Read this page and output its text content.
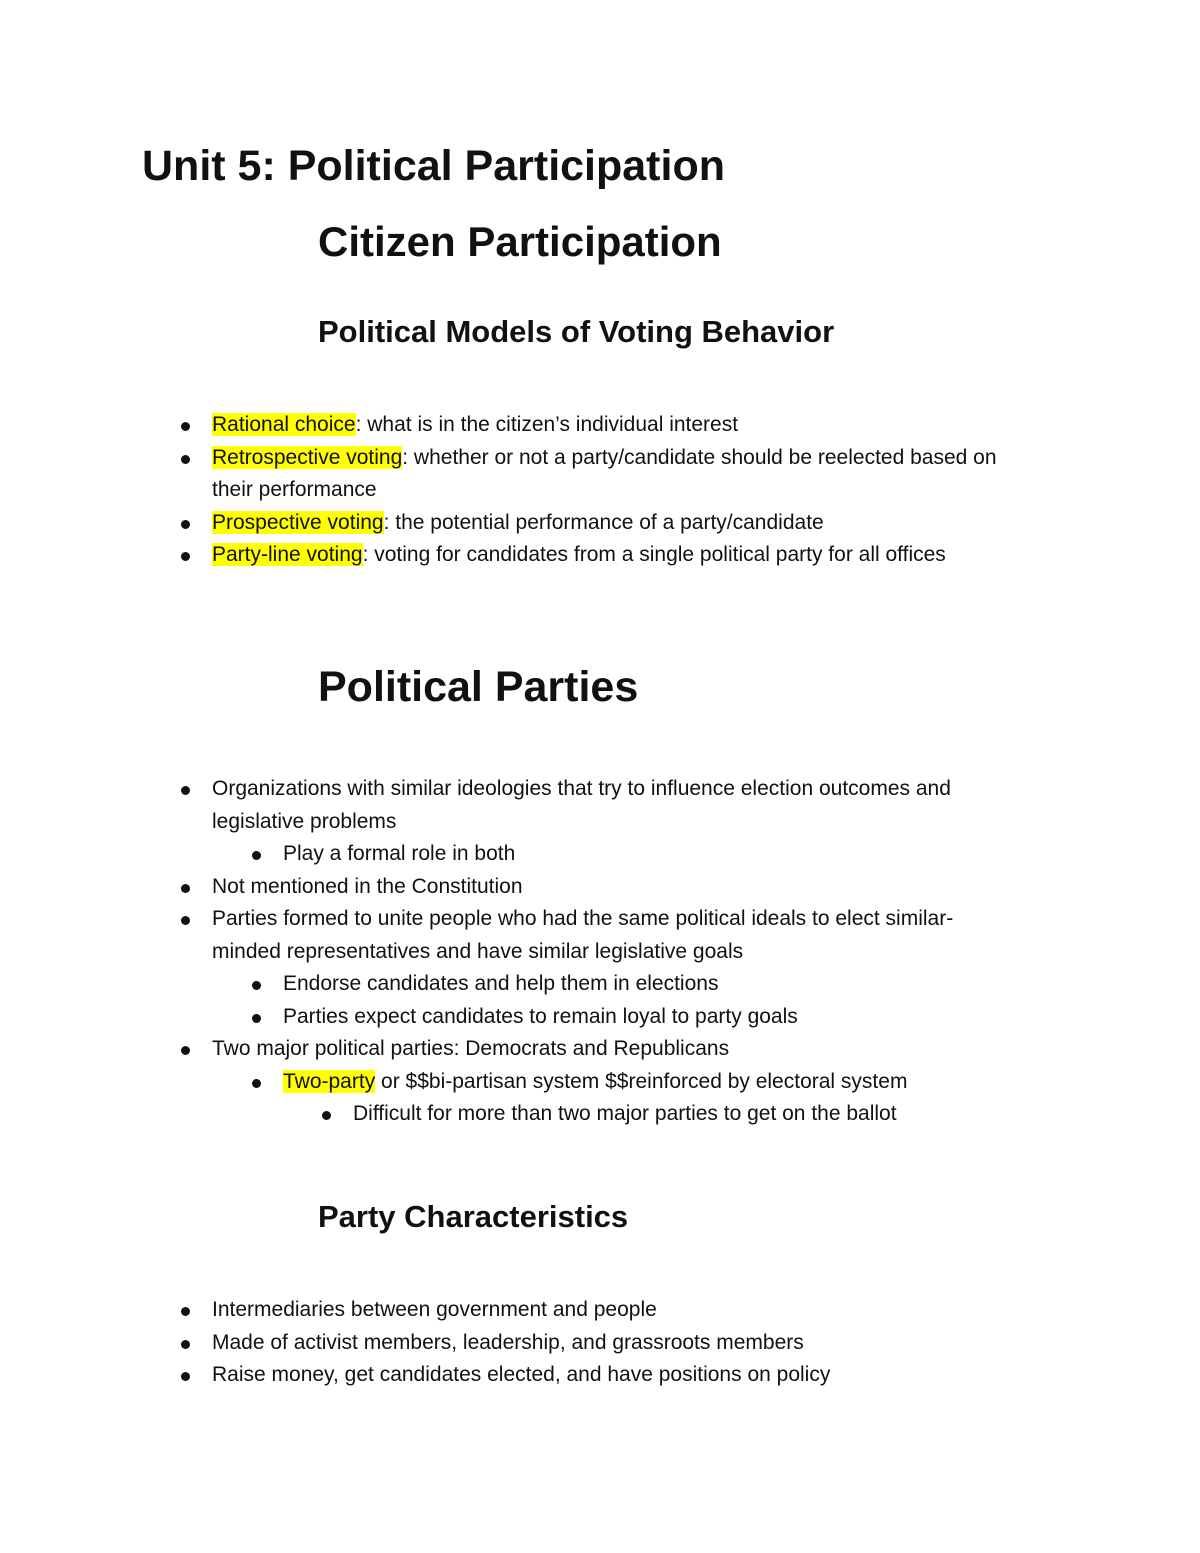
Unit 5: Political Participation
Citizen Participation
Political Models of Voting Behavior
Rational choice: what is in the citizen’s individual interest
Retrospective voting: whether or not a party/candidate should be reelected based on their performance
Prospective voting: the potential performance of a party/candidate
Party-line voting: voting for candidates from a single political party for all offices
Political Parties
Organizations with similar ideologies that try to influence election outcomes and legislative problems
Play a formal role in both
Not mentioned in the Constitution
Parties formed to unite people who had the same political ideals to elect similar-minded representatives and have similar legislative goals
Endorse candidates and help them in elections
Parties expect candidates to remain loyal to party goals
Two major political parties: Democrats and Republicans
Two-party or $$bi-partisan system $$reinforced by electoral system
Difficult for more than two major parties to get on the ballot
Party Characteristics
Intermediaries between government and people
Made of activist members, leadership, and grassroots members
Raise money, get candidates elected, and have positions on policy
